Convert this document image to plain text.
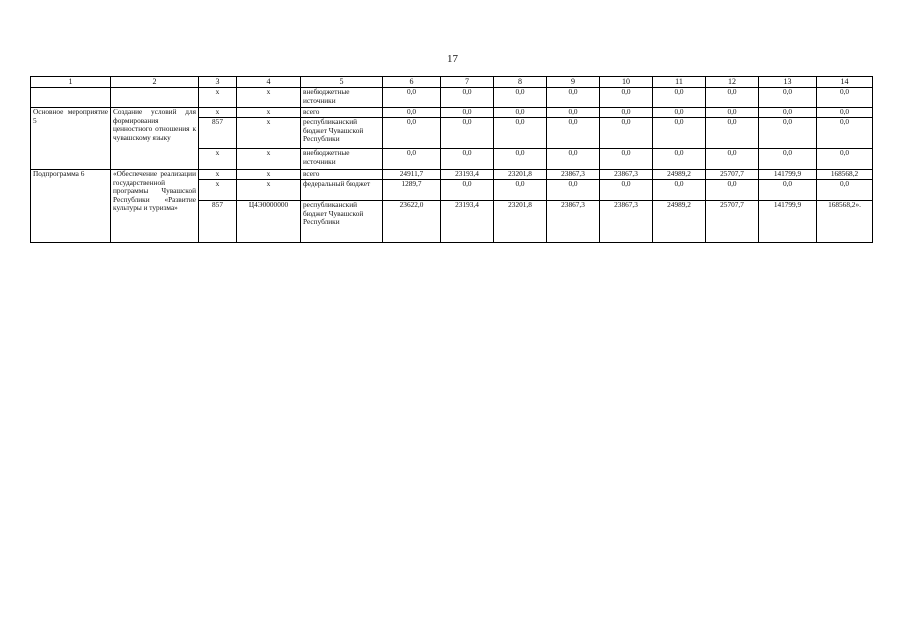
17
1	2	3	4	5	6	7	8	9	10	11	12	13	14
		х	х	внебюджетные источники	0,0	0,0	0,0	0,0	0,0	0,0	0,0	0,0	0,0
Основное мероприятие 5	Создание условий для формирования ценностного отношения к чувашскому языку	х	х	всего	0,0	0,0	0,0	0,0	0,0	0,0	0,0	0,0	0,0
		857	х	республиканский бюджет Чувашской Республики	0,0	0,0	0,0	0,0	0,0	0,0	0,0	0,0	0,0
		х	х	внебюджетные источники	0,0	0,0	0,0	0,0	0,0	0,0	0,0	0,0	0,0
Подпрограмма 6	«Обеспечение реализации государственной программы Чувашской Республики «Развитие культуры и туризма»	х	х	всего	24911,7	23193,4	23201,8	23867,3	23867,3	24989,2	25707,7	141799,9	168568,2
		х	х	федеральный бюджет	1289,7	0,0	0,0	0,0	0,0	0,0	0,0	0,0	0,0
		857	Ц4Э0000000	республиканский бюджет Чувашской Республики	23622,0	23193,4	23201,8	23867,3	23867,3	24989,2	25707,7	141799,9	168568,2».
